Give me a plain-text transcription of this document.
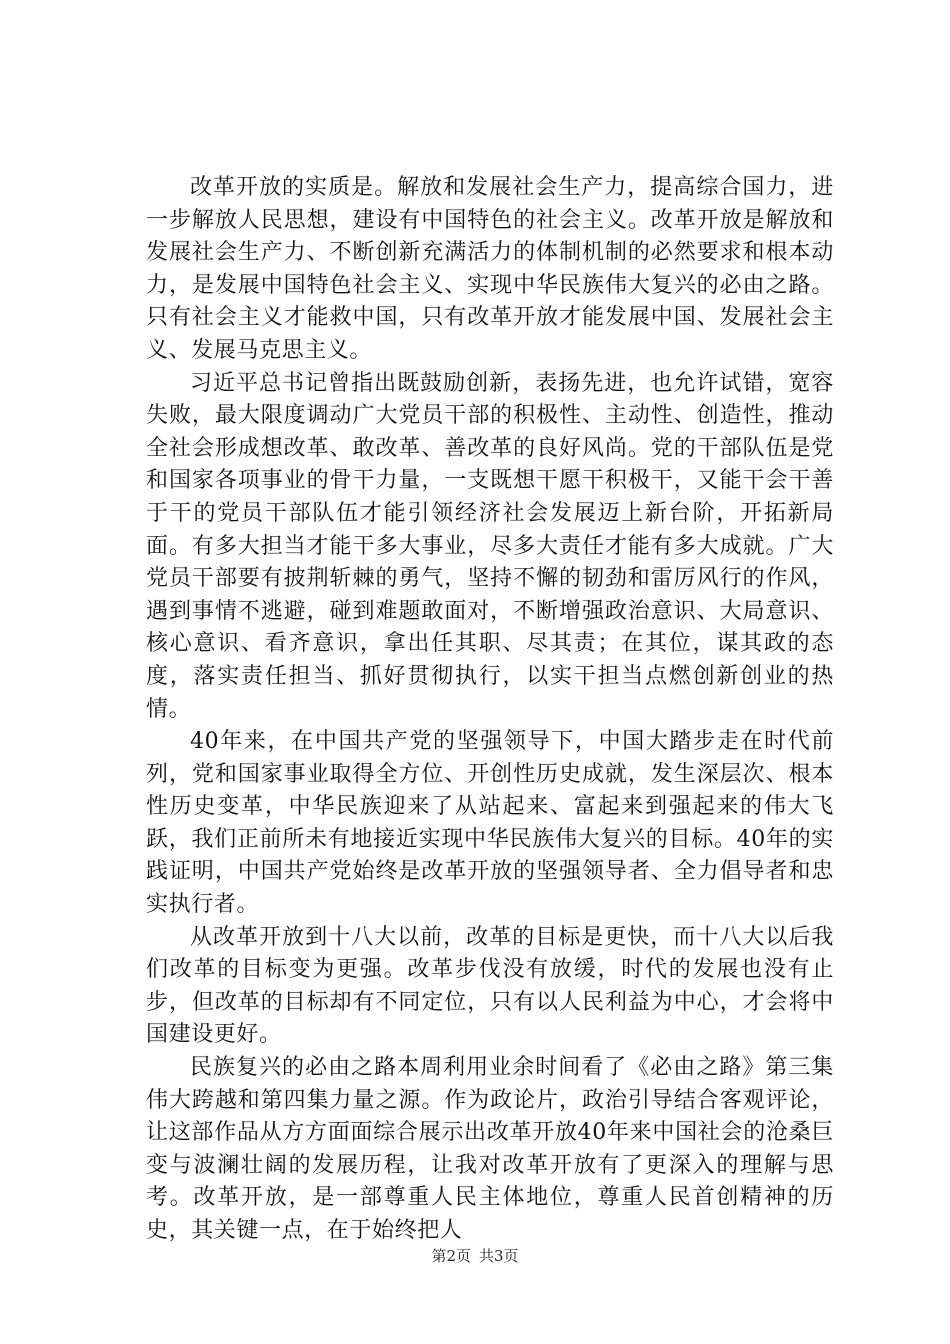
改革开放的实质是。解放和发展社会生产力，提高综合国力，进一步解放人民思想，建设有中国特色的社会主义。改革开放是解放和发展社会生产力、不断创新充满活力的体制机制的必然要求和根本动力，是发展中国特色社会主义、实现中华民族伟大复兴的必由之路。只有社会主义才能救中国，只有改革开放才能发展中国、发展社会主义、发展马克思主义。

习近平总书记曾指出既鼓励创新，表扬先进，也允许试错，宽容失败，最大限度调动广大党员干部的积极性、主动性、创造性，推动全社会形成想改革、敢改革、善改革的良好风尚。党的干部队伍是党和国家各项事业的骨干力量，一支既想干愿干积极干，又能干会干善于干的党员干部队伍才能引领经济社会发展迈上新台阶，开拓新局面。有多大担当才能干多大事业，尽多大责任才能有多大成就。广大党员干部要有披荆斩棘的勇气，坚持不懈的韧劲和雷厉风行的作风，遇到事情不逃避，碰到难题敢面对，不断增强政治意识、大局意识、核心意识、看齐意识，拿出任其职、尽其责；在其位，谋其政的态度，落实责任担当、抓好贯彻执行，以实干担当点燃创新创业的热情。

40年来，在中国共产党的坚强领导下，中国大踏步走在时代前列，党和国家事业取得全方位、开创性历史成就，发生深层次、根本性历史变革，中华民族迎来了从站起来、富起来到强起来的伟大飞跃，我们正前所未有地接近实现中华民族伟大复兴的目标。40年的实践证明，中国共产党始终是改革开放的坚强领导者、全力倡导者和忠实执行者。

从改革开放到十八大以前，改革的目标是更快，而十八大以后我们改革的目标变为更强。改革步伐没有放缓，时代的发展也没有止步，但改革的目标却有不同定位，只有以人民利益为中心，才会将中国建设更好。

民族复兴的必由之路本周利用业余时间看了《必由之路》第三集伟大跨越和第四集力量之源。作为政论片，政治引导结合客观评论，让这部作品从方方面面综合展示出改革开放40年来中国社会的沧桑巨变与波澜壮阔的发展历程，让我对改革开放有了更深入的理解与思考。改革开放，是一部尊重人民主体地位，尊重人民首创精神的历史，其关键一点，在于始终把人

第2页 共3页
